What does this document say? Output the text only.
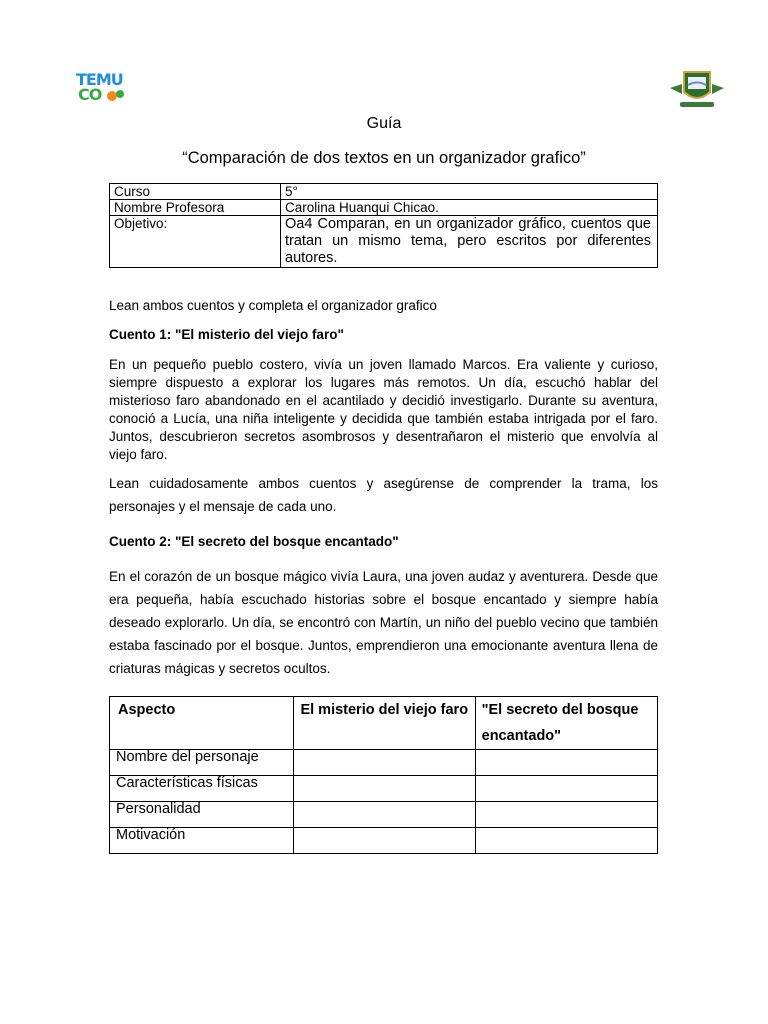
TEMU
CO
Guía
“Comparación de dos textos en un organizador grafico”
Curso	5°
Nombre Profesora	Carolina Huanqui Chicao.
Objetivo:	Oa4 Comparan, en un organizador gráfico, cuentos que tratan un mismo tema, pero escritos por diferentes autores.
Lean ambos cuentos y completa el organizador grafico
Cuento 1: "El misterio del viejo faro"
En un pequeño pueblo costero, vivía un joven llamado Marcos. Era valiente y curioso, siempre dispuesto a explorar los lugares más remotos. Un día, escuchó hablar del misterioso faro abandonado en el acantilado y decidió investigarlo. Durante su aventura, conoció a Lucía, una niña inteligente y decidida que también estaba intrigada por el faro. Juntos, descubrieron secretos asombrosos y desentrañaron el misterio que envolvía al viejo faro.
Lean cuidadosamente ambos cuentos y asegúrense de comprender la trama, los personajes y el mensaje de cada uno.
Cuento 2: "El secreto del bosque encantado"
En el corazón de un bosque mágico vivía Laura, una joven audaz y aventurera. Desde que era pequeña, había escuchado historias sobre el bosque encantado y siempre había deseado explorarlo. Un día, se encontró con Martín, un niño del pueblo vecino que también estaba fascinado por el bosque. Juntos, emprendieron una emocionante aventura llena de criaturas mágicas y secretos ocultos.
Aspecto	El misterio del viejo faro	"El secreto del bosque encantado"
Nombre del personaje		
Características físicas		
Personalidad		
Motivación		
